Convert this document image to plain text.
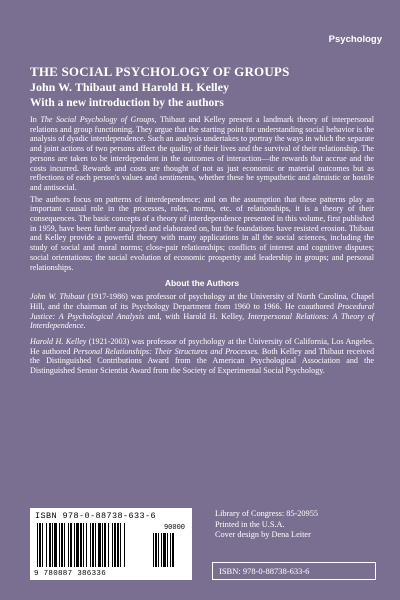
Psychology
THE SOCIAL PSYCHOLOGY OF GROUPS
John W. Thibaut and Harold H. Kelley
With a new introduction by the authors

In The Social Psychology of Groups, Thibaut and Kelley present a landmark theory of interpersonal relations and group functioning. They argue that the starting point for understanding social behavior is the analysis of dyadic interdependence. Such an analysis undertakes to portray the ways in which the separate and joint actions of two persons affect the quality of their lives and the survival of their relationship. The persons are taken to be interdependent in the outcomes of interaction—the rewards that accrue and the costs incurred. Rewards and costs are thought of not as just economic or material outcomes but as reflections of each person's values and sentiments, whether these be sympathetic and altruistic or hostile and antisocial.

The authors focus on patterns of interdependence; and on the assumption that these patterns play an important causal role in the processes, roles, norms, etc. of relationships, it is a theory of their consequences. The basic concepts of a theory of interdependence presented in this volume, first published in 1959, have been further analyzed and elaborated on, but the foundations have resisted erosion. Thibaut and Kelley provide a powerful theory with many applications in all the social sciences, including the study of social and moral norms; close-pair relationships; conflicts of interest and cognitive disputes; social orientations; the social evolution of economic prosperity and leadership in groups; and personal relationships.

About the Authors

John W. Thibaut (1917-1986) was professor of psychology at the University of North Carolina, Chapel Hill, and the chairman of its Psychology Department from 1960 to 1966. He coauthored Procedural Justice: A Psychological Analysis and, with Harold H. Kelley, Interpersonal Relations: A Theory of Interdependence.

Harold H. Kelley (1921-2003) was professor of psychology at the University of California, Los Angeles. He authored Personal Relationships: Their Structures and Processes. Both Kelley and Thibaut received the Distinguished Contributions Award from the American Psychological Association and the Distinguished Senior Scientist Award from the Society of Experimental Social Psychology.

ISBN 978-0-88738-633-6
90000
9 780887 386336
Library of Congress: 85-20955
Printed in the U.S.A.
Cover design by Dena Leiter
ISBN: 978-0-88738-633-6
